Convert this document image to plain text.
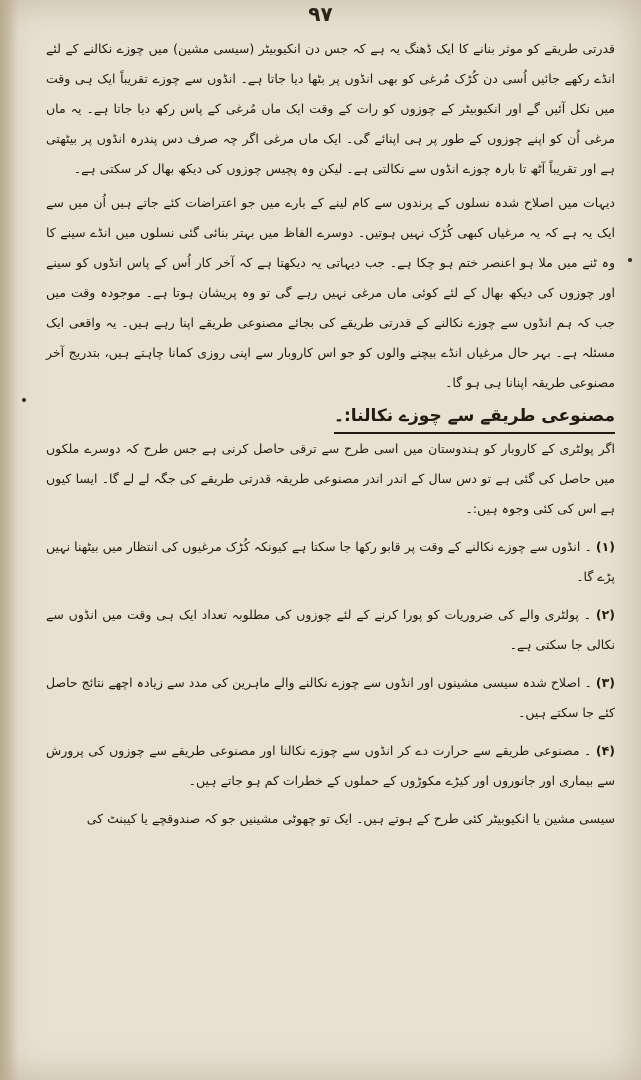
۹۷

قدرتی طریقے کو موثر بنانے کا ایک ڈھنگ یہ ہے کہ جس دن انکیوبیٹر (سیسی مشین) میں چوزے نکالنے کے لئے انڈے رکھے جائیں اُسی دن کُڑک مُرغی کو بھی انڈوں پر بٹھا دیا جاتا ہے۔ انڈوں سے چوزے تقریباً ایک ہی وقت میں نکل آئیں گے اور انکیوبیٹر کے چوزوں کو رات کے وقت ایک ماں مُرغی کے پاس رکھ دیا جاتا ہے۔ یہ ماں مرغی اُن کو اپنے چوزوں کے طور پر ہی اپنائے گی۔ ایک ماں مرغی اگر چہ صرف دس پندرہ انڈوں پر بیٹھتی ہے اور تقریباً آٹھ تا بارہ چوزے انڈوں سے نکالتی ہے۔ لیکن وہ پچیس چوزوں کی دیکھ بھال کر سکتی ہے۔

دیہات میں اصلاح شدہ نسلوں کے پرندوں سے کام لینے کے بارے میں جو اعتراضات کئے جاتے ہیں اُن میں سے ایک یہ ہے کہ یہ مرغیاں کبھی کُڑک نہیں ہوتیں۔ دوسرے الفاظ میں بہتر بنائی گئی نسلوں میں انڈے سینے کا وہ ٹنے میں ملا ہو اعنصر ختم ہو چکا ہے۔ جب دیہاتی یہ دیکھتا ہے کہ آخر کار اُس کے پاس انڈوں کو سینے اور چوزوں کی دیکھ بھال کے لئے کوئی ماں مرغی نہیں رہے گی تو وہ پریشان ہوتا ہے۔ موجودہ وقت میں جب کہ ہم انڈوں سے چوزے نکالنے کے قدرتی طریقے کی بجائے مصنوعی طریقے اپنا رہے ہیں۔ یہ واقعی ایک مسئلہ ہے۔ بہر حال مرغیاں انڈے بیچنے والوں کو جو اس کاروبار سے اپنی روزی کمانا چاہتے ہیں، بتدریج آخر مصنوعی طریقہ اپنانا ہی ہو گا۔

مصنوعی طریقے سے چوزے نکالنا:۔

اگر پولٹری کے کاروبار کو ہندوستان میں اسی طرح سے ترقی حاصل کرنی ہے جس طرح کہ دوسرے ملکوں میں حاصل کی گئی ہے تو دس سال کے اندر اندر مصنوعی طریقہ قدرتی طریقے کی جگہ لے لے گا۔ ایسا کیوں ہے اس کی کئی وجوہ ہیں:۔

(۱) ۔ انڈوں سے چوزے نکالنے کے وقت پر قابو رکھا جا سکتا ہے کیونکہ کُڑک مرغیوں کی انتظار میں بیٹھنا نہیں پڑے گا۔

(۲) ۔ پولٹری والے کی ضروریات کو پورا کرنے کے لئے چوزوں کی مطلوبہ تعداد ایک ہی وقت میں انڈوں سے نکالی جا سکتی ہے۔

(۳) ۔ اصلاح شدہ سیسی مشینوں اور انڈوں سے چوزے نکالنے والے ماہرین کی مدد سے زیادہ اچھے نتائج حاصل کئے جا سکتے ہیں۔

(۴) ۔ مصنوعی طریقے سے حرارت دے کر انڈوں سے چوزے نکالنا اور مصنوعی طریقے سے چوزوں کی پرورش سے بیماری اور جانوروں اور کیڑے مکوڑوں کے حملوں کے خطرات کم ہو جاتے ہیں۔

سیسی مشین یا انکیوبیٹر کئی طرح کے ہوتے ہیں۔ ایک تو چھوٹی مشینیں جو کہ صندوقچے یا کیبنٹ کی
